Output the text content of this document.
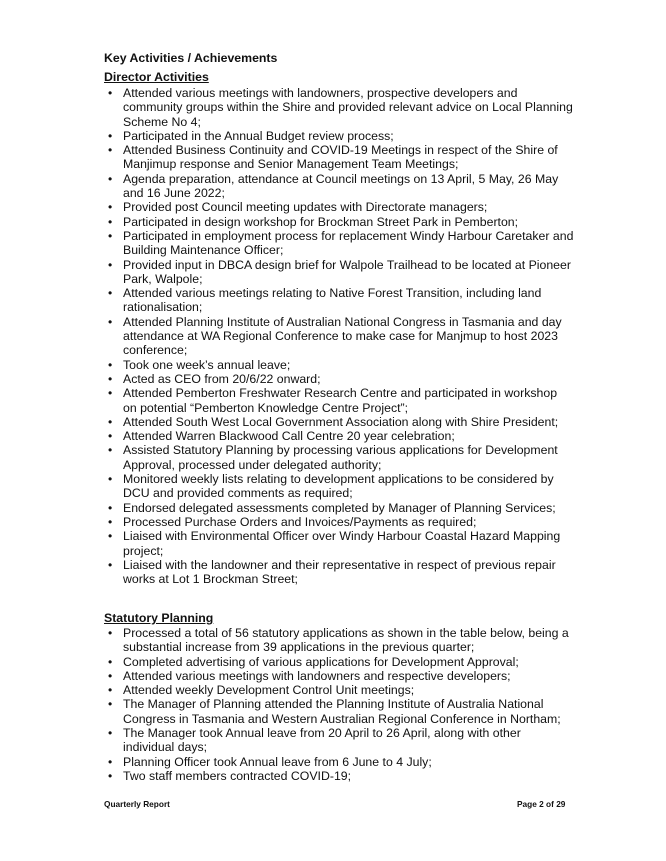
Key Activities / Achievements
Director Activities
• Attended various meetings with landowners, prospective developers and community groups within the Shire and provided relevant advice on Local Planning Scheme No 4;
• Participated in the Annual Budget review process;
• Attended Business Continuity and COVID-19 Meetings in respect of the Shire of Manjimup response and Senior Management Team Meetings;
• Agenda preparation, attendance at Council meetings on 13 April, 5 May, 26 May and 16 June 2022;
• Provided post Council meeting updates with Directorate managers;
• Participated in design workshop for Brockman Street Park in Pemberton;
• Participated in employment process for replacement Windy Harbour Caretaker and Building Maintenance Officer;
• Provided input in DBCA design brief for Walpole Trailhead to be located at Pioneer Park, Walpole;
• Attended various meetings relating to Native Forest Transition, including land rationalisation;
• Attended Planning Institute of Australian National Congress in Tasmania and day attendance at WA Regional Conference to make case for Manjmup to host 2023 conference;
• Took one week’s annual leave;
• Acted as CEO from 20/6/22 onward;
• Attended Pemberton Freshwater Research Centre and participated in workshop on potential “Pemberton Knowledge Centre Project”;
• Attended South West Local Government Association along with Shire President;
• Attended Warren Blackwood Call Centre 20 year celebration;
• Assisted Statutory Planning by processing various applications for Development Approval, processed under delegated authority;
• Monitored weekly lists relating to development applications to be considered by DCU and provided comments as required;
• Endorsed delegated assessments completed by Manager of Planning Services;
• Processed Purchase Orders and Invoices/Payments as required;
• Liaised with Environmental Officer over Windy Harbour Coastal Hazard Mapping project;
• Liaised with the landowner and their representative in respect of previous repair works at Lot 1 Brockman Street;
Statutory Planning
• Processed a total of 56 statutory applications as shown in the table below, being a substantial increase from 39 applications in the previous quarter;
• Completed advertising of various applications for Development Approval;
• Attended various meetings with landowners and respective developers;
• Attended weekly Development Control Unit meetings;
• The Manager of Planning attended the Planning Institute of Australia National Congress in Tasmania and Western Australian Regional Conference in Northam;
• The Manager took Annual leave from 20 April to 26 April, along with other individual days;
• Planning Officer took Annual leave from 6 June to 4 July;
• Two staff members contracted COVID-19;
Quarterly Report	Page 2 of 29
